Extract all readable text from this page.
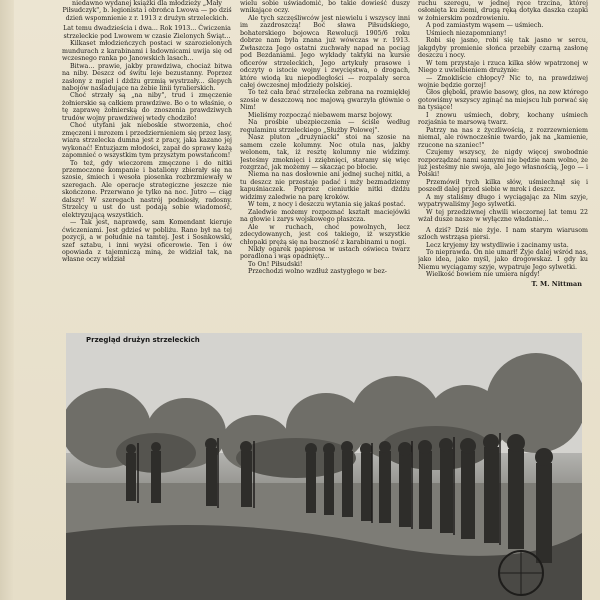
niedawno wydanej książki dla młodzieży „Mały Piłsudczyk", b. legionista i obrońca Lwowa — po dziś dzień wspomnienie z r. 1913 z drużyn strzeleckich.

Lat temu dwadzieścia i dwa... Rok 1913... Ćwiczenia strzeleckie pod Lwowem w czasie Zielonych Świąt...

Kilkaset młodzieńczych postaci w szarozielonych mundurach z karabinami i ładownicami uwija się od wczesnego ranka po Janowskich lasach...

Bitwa... prawie, jakby prawdziwa, chociaż bitwa na niby. Deszcz od świtu leje bezustanny. Poprzez zasłony z mgieł i dżdżu grzmią wystrzały... ślepych nabojów naśladujące na żebie linii tyralierskich.

Choć strzały są „na niby", trud i zmęczenie żołnierskie są całkiem prawdziwe. Bo o to właśnie, o tę zaprawę żołnierską do znoszenia prawdziwych trudów wojny prawdziwej wtedy chodziło!

Choć utyfani jak nieboskie stworzenia, choć zmęczeni i mrozem i przedziernieniem się przez lasy, wiara strzelecka dumna jest z pracy, jaka kazano jej wykonać! Entuzjazm młodości, zapał do sprawy każą zapomnieć o wszystkim tym przysztym powstańcom!

To też, gdy wieczorem zmęczone i do nitki przemoczone kompanie i bataliony zbierały się na szosie, śmiech i wesoła piosenka rozbrzmiewały w szeregach. Ale operacje strategiczne jeszcze nie skończone. Przerwano je tylko na noc. Jutro — ciąg dalszy! W szeregach nastrój podniosły, radosny. Strzelcy u ust do ust podają sobie wiadomość, elektryzującą wszystkich.

— Tak jest, naprawdę, sam Komendant kieruje ćwiczeniami. Jest gdzieś w pobliżu. Rano był na tej pozycji, a w południe na tamtej. Jest i Sosnkowski, szef sztabu, i inni wyżsi oficerowie. Ten i ów opowiada z tajemniczą miną, że widział tak, na własne oczy widział

wielu sobie uświadomić, bo takie dowieść duszy wnikające oczy.

Ale tych szczęśliwców jest niewielu i wszyscy inni im zazdroszczą! Boć sława Piłsudskiego, bohaterskiego bojowca Rewolucji 1905/6 roku dobrze nam była znana już wówczas w r. 1913. Zwłaszcza Jego ostatni zuchwały napad na pociąg pod Bezdaniami. Jego wykłady taktyki na kursie oficerów strzeleckich, Jego artykuły prasowe i odczyty o istocie wojny i zwycięstwa, o drogach, które wiodą ku niepodległości — rozpalały serca całej ówczesnej młodzieży polskiej.

To też cała brać strzelecka zebrana na rozmiękłej szosie w deszczową noc majową gwarzyła głównie o Nim!

Mieliśmy rozpocząć niebawem marsz bojowy.

Na prośbie ubezpieczenia — ściśle według regulaminu strzeleckiego „Służby Polowej".

Nasz pluton „drużyniacki" stoi na szosie na samem czele kolumny. Noc otula nas, jakby welonem, tak, iż resztę kolumny nie widzimy. Jesteśmy zmoknięci i zziębnięci, staramy się więc rozgrzać, jak możemy — skacząc po błocie.

Niema na nas dosłownie ani jednej suchej nitki, a tu deszcz nie przestaje padać i mży bezmadziemy kapuśniaczek. Poprzez cieniutkie nitki dżdżu widzimy zaledwie na parę kroków.

W tem, z nocy i deszczu wytania się jakaś postać.

Zaledwie możemy rozpoznać kształt maciejówki na głowie i zarys wojskowego płaszcza.

Ale w ruchach, choć powolnych, lecz zdecydowanych, jest coś takiego, iż wszystkie chłopaki prężą się na baczność z karabinami u nogi.

Nikły ogarek papierosa w ustach oświeca twarz poradlona i wąs opadnięty...

To On! Piłsudski!

Przechodzi wolno wzdłuż zastygłego w bez-

ruchu szeregu, w jednej ręce trzcina, której osłonięta ku ziemi, drugą ręką dotyka daszka czapki w żołnierskim pozdrowieniu.

A pod zamiastym wąsem — uśmiech.

Uśmiech niezapomniany!

Robi się jasno, robi się tak jasno w sercu, jakgdyby promienie słońca przebiły czarną zasłonę deszczu i nocy.

W tem przystaje i rzuca kilka słów wpatrzonej w Niego z uwielbieniem drużynie:

— Zmokliście chłopcy? Nic to, na prawdziwej wojnie będzie gorzej!

Głos głęboki, prawie basowy, głos, na zew którego gotowiśmy wszyscy zginąć na miejscu lub porwać się na tysiące!

I znowu uśmiech, dobry, kochany uśmiech rozjaśnia te marsową twarz.

Patrzy na nas z życzliwością, z rozrzewnieniem niemal, ale równocześnie twardo, jak na „kamienie, rzucone na szaniec!"

Czujemy wszyscy, że nigdy więcej swobodnie rozporządzać nami samymi nie będzie nam wolno, że już jesteśmy nie swoja, ale Jego własnością, Jego — i Polski!

Przemówił tych kilka słów, uśmiechnął się i poszedł dalej przed siebie w mrok i deszcz.

A my staliśmy długo i wyciągając za Nim szyje, wypatrywaliśmy Jego sylwetki.

W tej przedziwnej chwili wieczornej lat temu 22 wżał dusze nasze w wyłączne władanie...

A dziś? Dziś nie żyje. I nam starym wiarusom szloch wstrząsa piersi.

Lecz kryjemy łzy wstydliwie i zacinamy usta.

To nieprawda. On nie umarł! Żyje dalej wśród nas, jako idea, jako myśl, jako drogowskaz. I gdy ku Niemu wyciągamy szyje, wypatruje Jego sylwetki.

Wielkość bowiem nie umiera nigdy!

T. M. Nittman
Przegląd drużyn strzeleckich
